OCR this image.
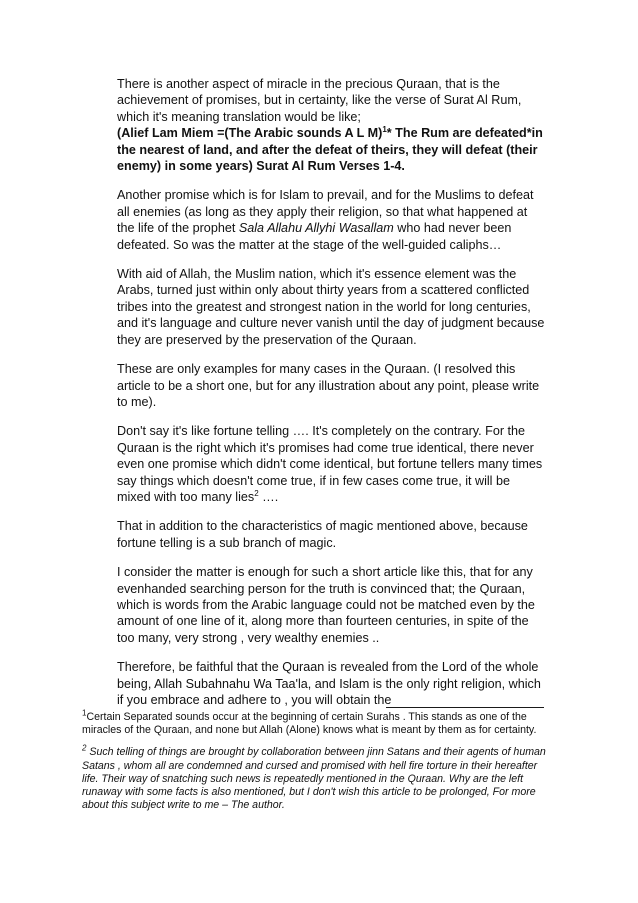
There is another aspect of miracle in the precious Quraan, that is the achievement of promises, but in certainty, like the verse of Surat Al Rum, which it's meaning translation would be like;
(Alief Lam Miem =(The Arabic sounds A L M)$^1$* The Rum are defeated*in the nearest of land, and after the defeat of theirs, they will defeat (their enemy) in some years) Surat Al Rum Verses 1-4.

Another promise which is for Islam to prevail, and for the Muslims to defeat all enemies (as long as they apply their religion, so that what happened at the life of the prophet Sala Allahu Allyhi Wasallam who had never been defeated. So was the matter at the stage of the well-guided caliphs…

With aid of Allah, the Muslim nation, which it's essence element was the Arabs, turned just within only about thirty years from a scattered conflicted tribes into the greatest and strongest nation in the world for long centuries, and it's language and culture never vanish until the day of judgment because they are preserved by the preservation of the Quraan.

These are only examples for many cases in the Quraan. (I resolved this article to be a short one, but for any illustration about any point, please write to me).

Don't say it's like fortune telling …. It's completely on the contrary. For the Quraan is the right which it's promises had come true identical, there never even one promise which didn't come identical, but fortune tellers many times say things which doesn't come true, if in few cases come true, it will be mixed with too many lies$^2$ ….

That in addition to the characteristics of magic mentioned above, because fortune telling is a sub branch of magic.

I consider the matter is enough for such a short article like this, that for any evenhanded searching person for the truth is convinced that; the Quraan, which is words from the Arabic language could not be matched even by the amount of one line of it, along more than fourteen centuries, in spite of the too many, very strong , very wealthy enemies ..

Therefore, be faithful that the Quraan is revealed from the Lord of the whole being, Allah Subahnahu Wa Taa'la, and Islam is the only right religion, which if you embrace and adhere to , you will obtain the

$^1$Certain Separated sounds occur at the beginning of certain Surahs . This stands as one of the miracles of the Quraan, and none but Allah (Alone) knows what is meant by them as for certainty.

$^2$ Such telling of things are brought by collaboration between jinn Satans and their agents of human Satans , whom all are condemned and cursed and promised with hell fire torture in their hereafter life. Their way of snatching such news is repeatedly mentioned in the Quraan. Why are the left runaway with some facts is also mentioned, but I don't wish this article to be prolonged, For more about this subject write to me – The author.
